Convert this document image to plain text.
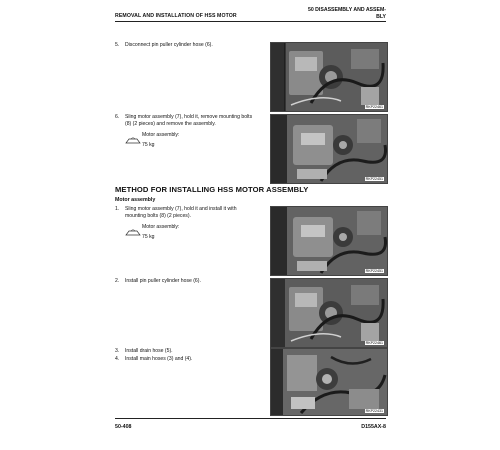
REMOVAL AND INSTALLATION OF HSS MOTOR
50 DISASSEMBLY AND ASSEM-
BLY
5. Disconnect pin puller cylinder hose (6).
6. Sling motor assembly (7), hold it, remove mounting bolts (8) (2 pieces) and remove the assembly.
Motor assembly:
75 kg
METHOD FOR INSTALLING HSS MOTOR ASSEMBLY
Motor assembly
1. Sling motor assembly (7), hold it and install it with mounting bolts (8) (2 pieces).
Motor assembly:
75 kg
2. Install pin puller cylinder hose (6).
3. Install drain hose (5).
4. Install main hoses (3) and (4).
RKP22461
RKP22451
RKP22451
RKP22461
RKP22431
50-408	D155AX-8
